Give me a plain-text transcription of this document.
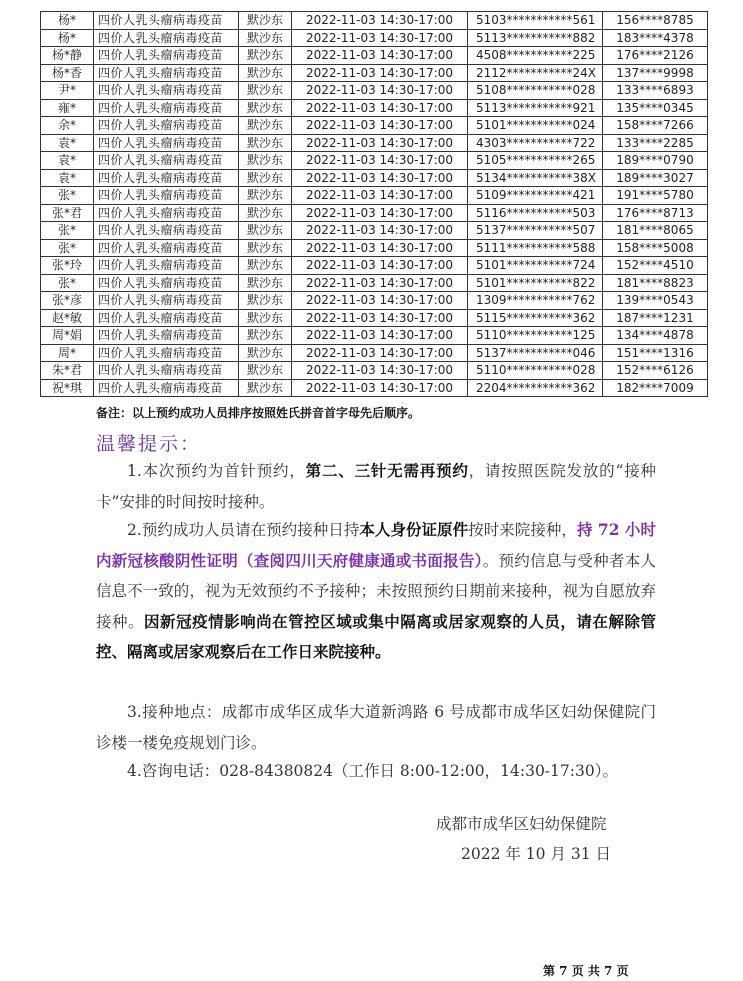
杨*	四价人乳头瘤病毒疫苗	默沙东	2022-11-03 14:30-17:00	5103***********561	156****8785
杨*	四价人乳头瘤病毒疫苗	默沙东	2022-11-03 14:30-17:00	5113***********882	183****4378
杨*静	四价人乳头瘤病毒疫苗	默沙东	2022-11-03 14:30-17:00	4508***********225	176****2126
杨*香	四价人乳头瘤病毒疫苗	默沙东	2022-11-03 14:30-17:00	2112***********24X	137****9998
尹*	四价人乳头瘤病毒疫苗	默沙东	2022-11-03 14:30-17:00	5108***********028	133****6893
雍*	四价人乳头瘤病毒疫苗	默沙东	2022-11-03 14:30-17:00	5113***********921	135****0345
余*	四价人乳头瘤病毒疫苗	默沙东	2022-11-03 14:30-17:00	5101***********024	158****7266
袁*	四价人乳头瘤病毒疫苗	默沙东	2022-11-03 14:30-17:00	4303***********722	133****2285
袁*	四价人乳头瘤病毒疫苗	默沙东	2022-11-03 14:30-17:00	5105***********265	189****0790
袁*	四价人乳头瘤病毒疫苗	默沙东	2022-11-03 14:30-17:00	5134***********38X	189****3027
张*	四价人乳头瘤病毒疫苗	默沙东	2022-11-03 14:30-17:00	5109***********421	191****5780
张*君	四价人乳头瘤病毒疫苗	默沙东	2022-11-03 14:30-17:00	5116***********503	176****8713
张*	四价人乳头瘤病毒疫苗	默沙东	2022-11-03 14:30-17:00	5137***********507	181****8065
张*	四价人乳头瘤病毒疫苗	默沙东	2022-11-03 14:30-17:00	5111***********588	158****5008
张*玲	四价人乳头瘤病毒疫苗	默沙东	2022-11-03 14:30-17:00	5101***********724	152****4510
张*	四价人乳头瘤病毒疫苗	默沙东	2022-11-03 14:30-17:00	5101***********822	181****8823
张*彦	四价人乳头瘤病毒疫苗	默沙东	2022-11-03 14:30-17:00	1309***********762	139****0543
赵*敏	四价人乳头瘤病毒疫苗	默沙东	2022-11-03 14:30-17:00	5115***********362	187****1231
周*娟	四价人乳头瘤病毒疫苗	默沙东	2022-11-03 14:30-17:00	5110***********125	134****4878
周*	四价人乳头瘤病毒疫苗	默沙东	2022-11-03 14:30-17:00	5137***********046	151****1316
朱*君	四价人乳头瘤病毒疫苗	默沙东	2022-11-03 14:30-17:00	5110***********028	152****6126
祝*琪	四价人乳头瘤病毒疫苗	默沙东	2022-11-03 14:30-17:00	2204***********362	182****7009
备注：以上预约成功人员排序按照姓氏拼音首字母先后顺序。
温馨提示：
1.本次预约为首针预约，第二、三针无需再预约，请按照医院发放的“接种卡”安排的时间按时接种。
2.预约成功人员请在预约接种日持本人身份证原件按时来院接种，持 72 小时内新冠核酸阴性证明（查阅四川天府健康通或书面报告）。预约信息与受种者本人信息不一致的，视为无效预约不予接种；未按照预约日期前来接种，视为自愿放弃接种。因新冠疫情影响尚在管控区域或集中隔离或居家观察的人员，请在解除管控、隔离或居家观察后在工作日来院接种。
3.接种地点：成都市成华区成华大道新鸿路 6 号成都市成华区妇幼保健院门诊楼一楼免疫规划门诊。
4.咨询电话：028-84380824（工作日 8:00-12:00，14:30-17:30）。
成都市成华区妇幼保健院
2022 年 10 月 31 日
第 7 页 共 7 页
